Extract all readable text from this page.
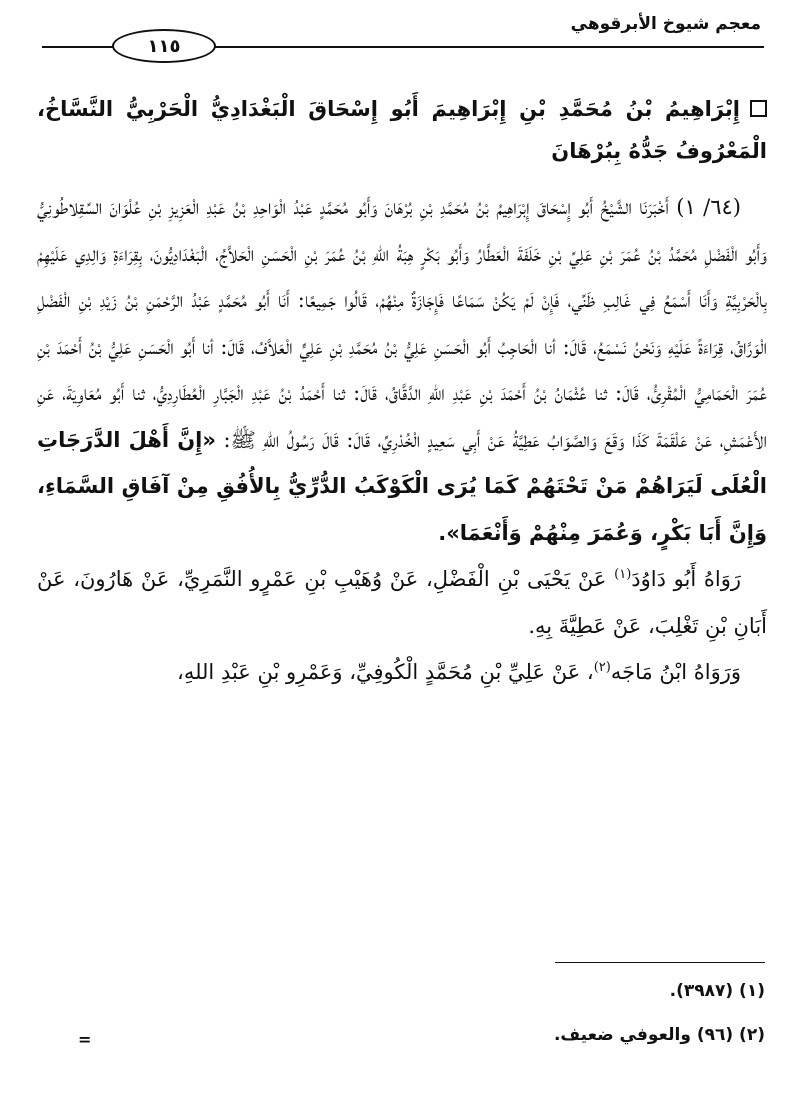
معجم شيوخ الأبرقوهي
١١٥
إِبْرَاهِيمُ بْنُ مُحَمَّدِ بْنِ إِبْرَاهِيمَ أَبُو إِسْحَاقَ الْبَغْدَادِيُّ الْحَرْبِيُّ النَّسَّاخُ، الْمَعْرُوفُ جَدُّهُ بِبُرْهَانَ

(٦٤/ ١) أَخْبَرَنَا الشَّيْخُ أَبُو إِسْحَاقَ إِبْرَاهِيمُ بْنُ مُحَمَّدِ بْنِ بُرْهَانَ وَأَبُو مُحَمَّدٍ عَبْدُ الْوَاحِدِ بْنُ عَبْدِ الْعَزِيزِ بْنِ عُلْوَانَ السِّقِلاطُونِيُّ وَأَبُو الْفَضْلِ مُحَمَّدُ بْنُ عُمَرَ بْنِ عَلِيِّ بْنِ خَلَفَةَ الْعَطَّارُ وَأَبُو بَكْرٍ هِبَةُ اللهِ بْنُ عُمَرَ بْنِ الْحَسَنِ الْحَلاَّجُ، الْبَغْدَادِيُّونَ، بِقِرَاءَةِ وَالِدِي عَلَيْهِمْ بِالْحَرْبِيَّةِ وَأَنَا أَسْمَعُ فِي غَالِبِ ظَنِّي، فَإِنْ لَمْ يَكُنْ سَمَاعًا فَإِجَازَةٌ مِنْهُمْ، قَالُوا جَمِيعًا: أَنَا أَبُو مُحَمَّدٍ عَبْدُ الرَّحْمَنِ بْنُ زَيْدِ بْنِ الْفَضْلِ الْوَرَّاقُ، قِرَاءَةً عَلَيْهِ وَنَحْنُ نَسْمَعُ، قَالَ: أنا الْحَاجِبُ أَبُو الْحَسَنِ عَلِيُّ بْنُ مُحَمَّدِ بْنِ عَلِيٍّ الْعَلاَّفُ، قَالَ: أنا أَبُو الْحَسَنِ عَلِيُّ بْنُ أَحْمَدَ بْنِ عُمَرَ الْحَمَامِيُّ الْمُقْرِئُ، قَالَ: ثنا عُثْمَانُ بْنُ أَحْمَدَ بْنِ عَبْدِ اللهِ الدَّقَّاقُ، قَالَ: ثنا أَحْمَدُ بْنُ عَبْدِ الْجَبَّارِ الْعُطَارِدِيُّ، ثنا أَبُو مُعَاوِيَةَ، عَنِ الأَعْمَشِ، عَنْ عَلْقَمَةَ كَذَا وَقَعَ وَالصَّوَابُ عَطِيَّةُ عَنْ أَبِي سَعِيدٍ الْخُدْرِيِّ، قَالَ: قَالَ رَسُولُ اللهِ ﷺ: «إِنَّ أَهْلَ الدَّرَجَاتِ الْعُلَى لَيَرَاهُمْ مَنْ تَحْتَهُمْ كَمَا يُرَى الْكَوْكَبُ الدُّرِّيُّ بِالأُفُقِ مِنْ آفَاقِ السَّمَاءِ، وَإِنَّ أَبَا بَكْرٍ، وَعُمَرَ مِنْهُمْ وَأَنْعَمَا».

رَوَاهُ أَبُو دَاوُدَ$^{(١)}$ عَنْ يَحْيَى بْنِ الْفَضْلِ، عَنْ وُهَيْبِ بْنِ عَمْرٍو النَّمَرِيِّ، عَنْ هَارُونَ، عَنْ أَبَانِ بْنِ تَغْلِبَ، عَنْ عَطِيَّةَ بِهِ.

وَرَوَاهُ ابْنُ مَاجَه$^{(٢)}$، عَنْ عَلِيِّ بْنِ مُحَمَّدٍ الْكُوفِيِّ، وَعَمْرِو بْنِ عَبْدِ اللهِ،

(١) (٣٩٨٧).
(٢) (٩٦) والعوفي ضعيف.
=
